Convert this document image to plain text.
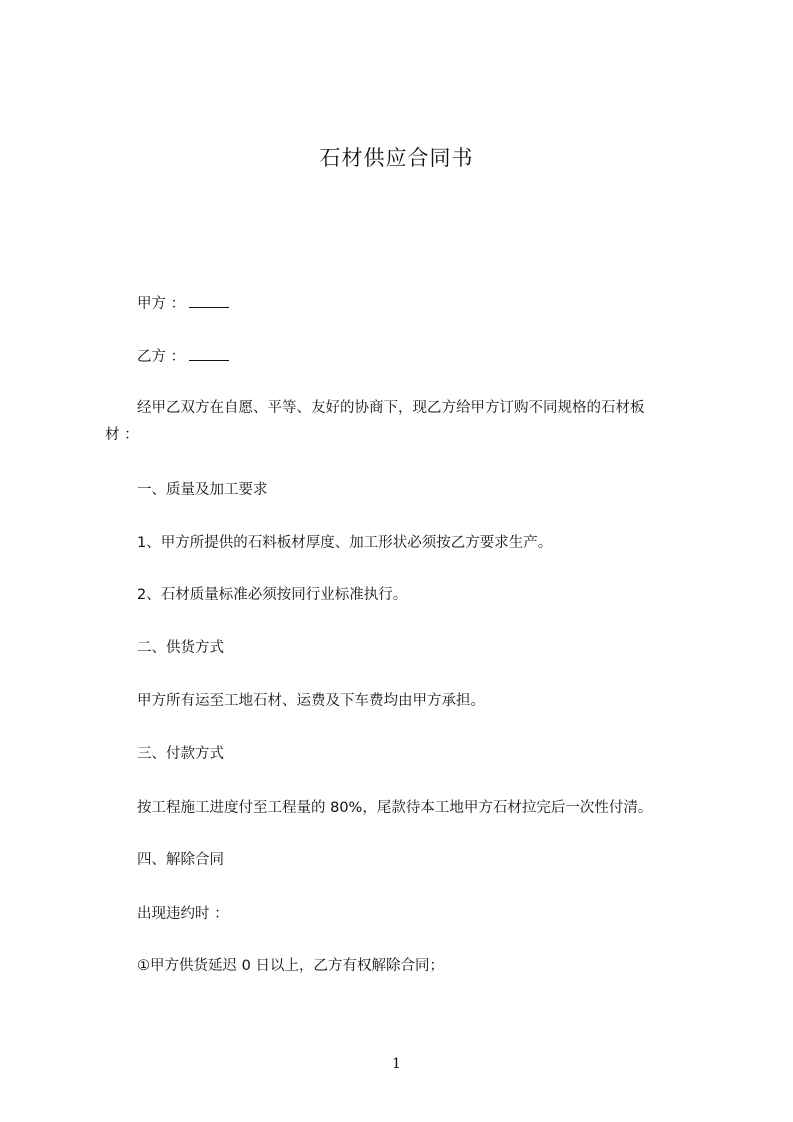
石材供应合同书
甲方 ：
乙方 ：
经甲乙双方在自愿、平等、友好的协商下，现乙方给甲方订购不同规格的石材板
材 ：
一、质量及加工要求
1、甲方所提供的石料板材厚度、加工形状必须按乙方要求生产。
2、石材质量标准必须按同行业标准执行。
二、供货方式
甲方所有运至工地石材、运费及下车费均由甲方承担。
三、付款方式
按工程施工进度付至工程量的 80%，尾款待本工地甲方石材拉完后一次性付清。
四、解除合同
出现违约时 ：
①甲方供货延迟 0 日以上，乙方有权解除合同；
1
